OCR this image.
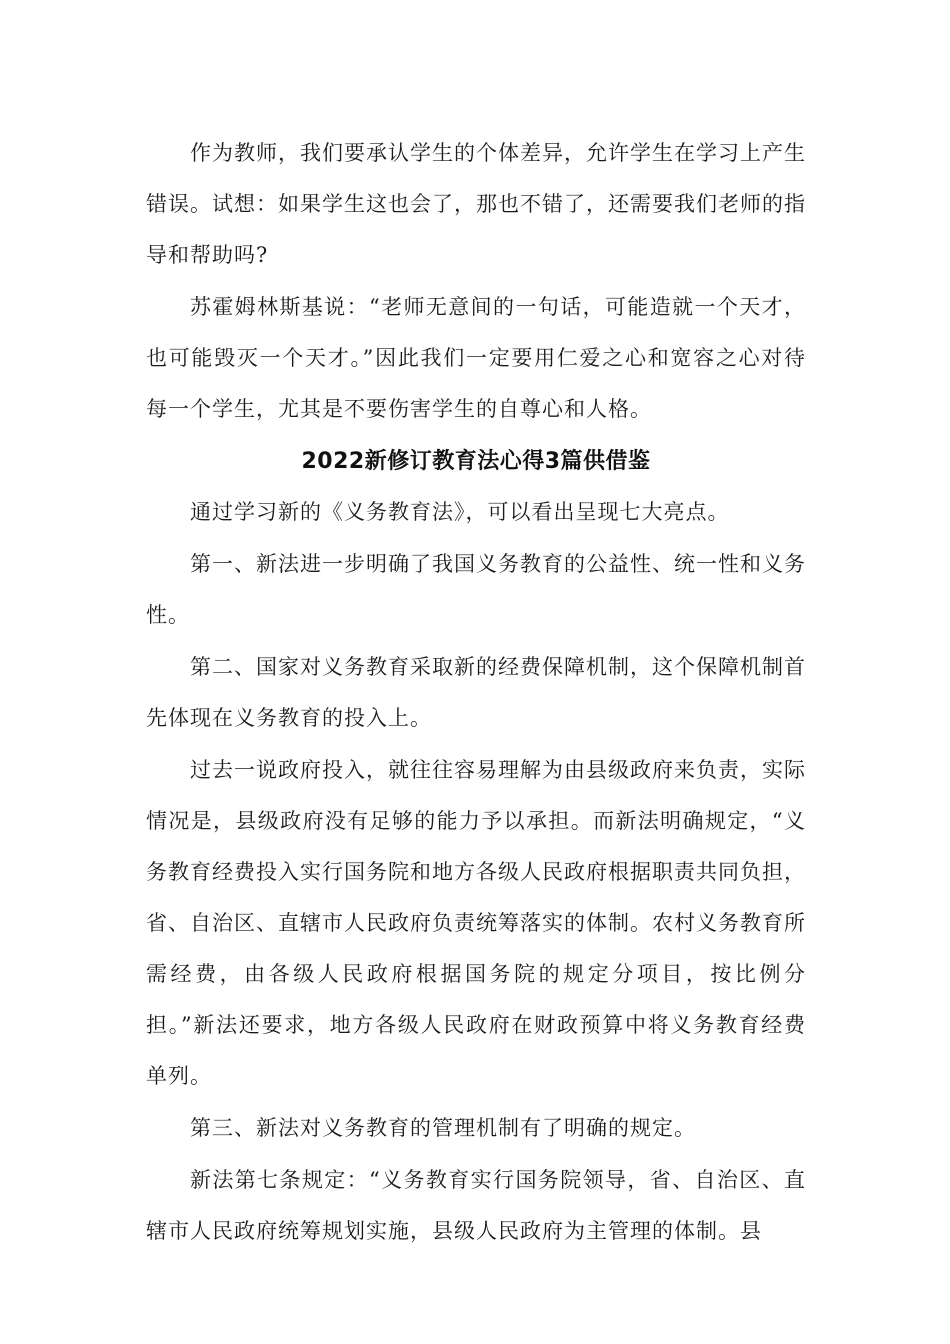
作为教师，我们要承认学生的个体差异，允许学生在学习上产生错误。试想：如果学生这也会了，那也不错了，还需要我们老师的指导和帮助吗?

苏霍姆林斯基说：“老师无意间的一句话，可能造就一个天才，也可能毁灭一个天才。”因此我们一定要用仁爱之心和宽容之心对待每一个学生，尤其是不要伤害学生的自尊心和人格。

2022新修订教育法心得3篇供借鉴

通过学习新的《义务教育法》，可以看出呈现七大亮点。

第一、新法进一步明确了我国义务教育的公益性、统一性和义务性。

第二、国家对义务教育采取新的经费保障机制，这个保障机制首先体现在义务教育的投入上。

过去一说政府投入，就往往容易理解为由县级政府来负责，实际情况是，县级政府没有足够的能力予以承担。而新法明确规定，“义务教育经费投入实行国务院和地方各级人民政府根据职责共同负担，省、自治区、直辖市人民政府负责统筹落实的体制。农村义务教育所需经费，由各级人民政府根据国务院的规定分项目，按比例分担。”新法还要求，地方各级人民政府在财政预算中将义务教育经费单列。

第三、新法对义务教育的管理机制有了明确的规定。

新法第七条规定：“义务教育实行国务院领导，省、自治区、直辖市人民政府统筹规划实施，县级人民政府为主管理的体制。县
